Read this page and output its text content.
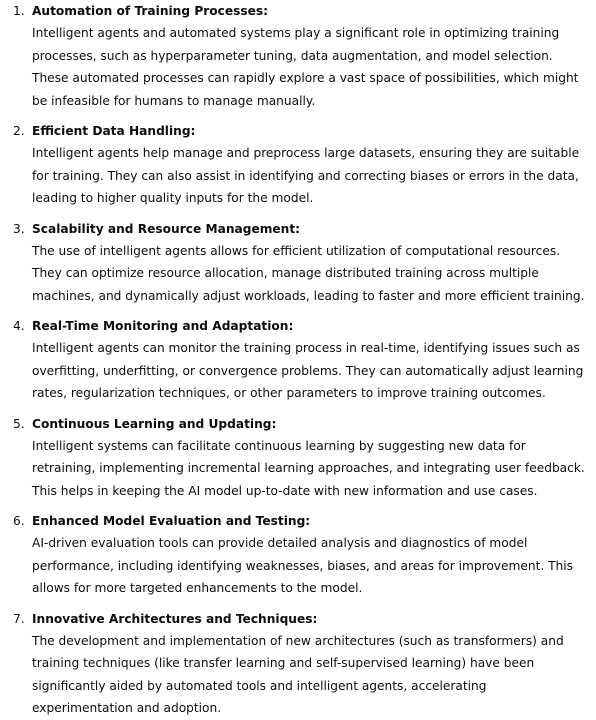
1. Automation of Training Processes:
Intelligent agents and automated systems play a significant role in optimizing training processes, such as hyperparameter tuning, data augmentation, and model selection. These automated processes can rapidly explore a vast space of possibilities, which might be infeasible for humans to manage manually.
2. Efficient Data Handling:
Intelligent agents help manage and preprocess large datasets, ensuring they are suitable for training. They can also assist in identifying and correcting biases or errors in the data, leading to higher quality inputs for the model.
3. Scalability and Resource Management:
The use of intelligent agents allows for efficient utilization of computational resources. They can optimize resource allocation, manage distributed training across multiple machines, and dynamically adjust workloads, leading to faster and more efficient training.
4. Real-Time Monitoring and Adaptation:
Intelligent agents can monitor the training process in real-time, identifying issues such as overfitting, underfitting, or convergence problems. They can automatically adjust learning rates, regularization techniques, or other parameters to improve training outcomes.
5. Continuous Learning and Updating:
Intelligent systems can facilitate continuous learning by suggesting new data for retraining, implementing incremental learning approaches, and integrating user feedback. This helps in keeping the AI model up-to-date with new information and use cases.
6. Enhanced Model Evaluation and Testing:
AI-driven evaluation tools can provide detailed analysis and diagnostics of model performance, including identifying weaknesses, biases, and areas for improvement. This allows for more targeted enhancements to the model.
7. Innovative Architectures and Techniques:
The development and implementation of new architectures (such as transformers) and training techniques (like transfer learning and self-supervised learning) have been significantly aided by automated tools and intelligent agents, accelerating experimentation and adoption.
